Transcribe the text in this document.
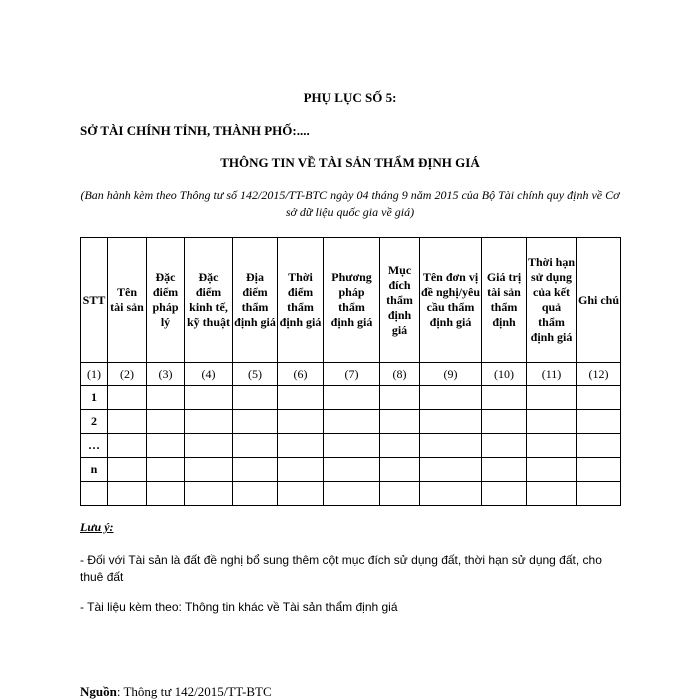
PHỤ LỤC SỐ 5:
SỞ TÀI CHÍNH TỈNH, THÀNH PHỐ:....
THÔNG TIN VỀ TÀI SẢN THẨM ĐỊNH GIÁ
(Ban hành kèm theo Thông tư số 142/2015/TT-BTC ngày 04 tháng 9 năm 2015 của Bộ Tài chính quy định về Cơ sở dữ liệu quốc gia về giá)
STT	Tên tài sản	Đặc điểm pháp lý	Đặc điểm kinh tế, kỹ thuật	Địa điểm thẩm định giá	Thời điểm thẩm định giá	Phương pháp thẩm định giá	Mục đích thẩm định giá	Tên đơn vị đề nghị/yêu cầu thẩm định giá	Giá trị tài sản thẩm định	Thời hạn sử dụng của kết quả thẩm định giá	Ghi chú

(1)	(2)	(3)	(4)	(5)	(6)	(7)	(8)	(9)	(10)	(11)	(12)
1											
2											
…											
n											

Lưu ý:
- Đối với Tài sản là đất đề nghị bổ sung thêm cột mục đích sử dụng đất, thời hạn sử dụng đất, cho thuê đất
- Tài liệu kèm theo: Thông tin khác về Tài sản thẩm định giá
Nguồn: Thông tư 142/2015/TT-BTC
